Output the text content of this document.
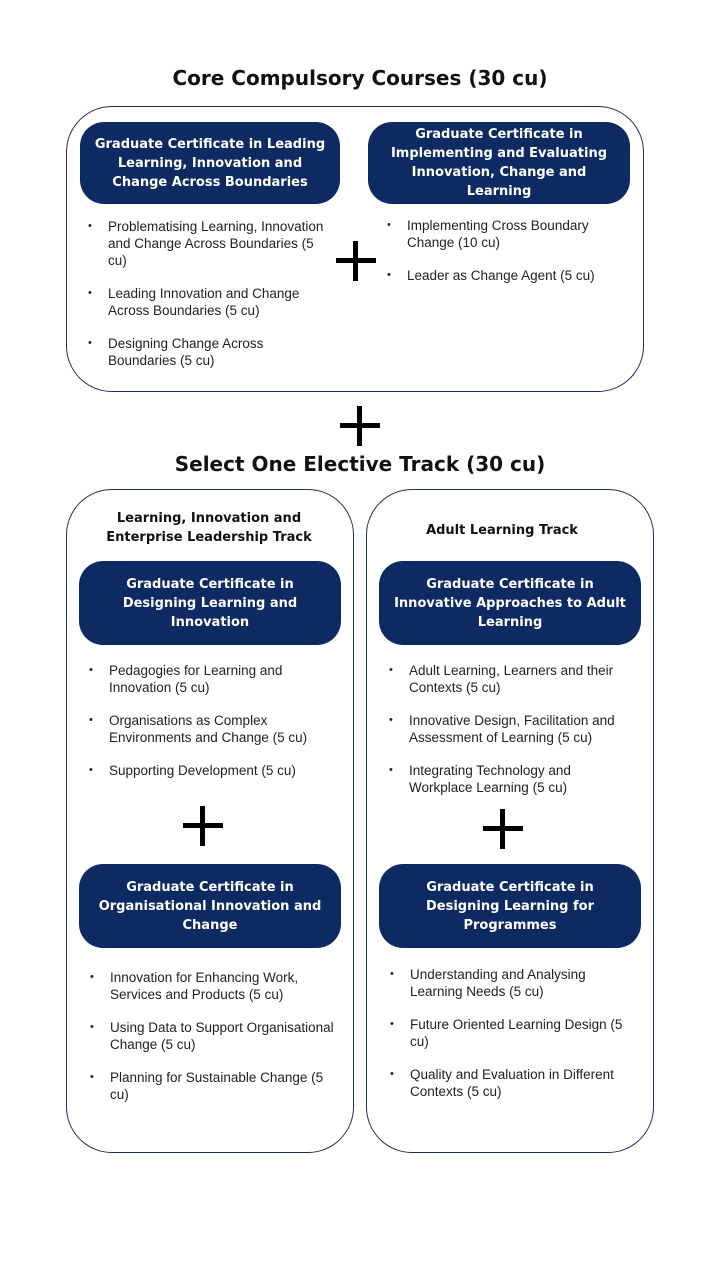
Core Compulsory Courses (30 cu)
Graduate Certificate in Leading Learning, Innovation and Change Across Boundaries
• Problematising Learning, Innovation and Change Across Boundaries (5 cu)
• Leading Innovation and Change Across Boundaries (5 cu)
• Designing Change Across Boundaries (5 cu)
Graduate Certificate in Implementing and Evaluating Innovation, Change and Learning
• Implementing Cross Boundary Change (10 cu)
• Leader as Change Agent (5 cu)
Select One Elective Track (30 cu)
Learning, Innovation and Enterprise Leadership Track
Graduate Certificate in Designing Learning and Innovation
• Pedagogies for Learning and Innovation (5 cu)
• Organisations as Complex Environments and Change (5 cu)
• Supporting Development (5 cu)
Graduate Certificate in Organisational Innovation and Change
• Innovation for Enhancing Work, Services and Products (5 cu)
• Using Data to Support Organisational Change (5 cu)
• Planning for Sustainable Change (5 cu)
Adult Learning Track
Graduate Certificate in Innovative Approaches to Adult Learning
• Adult Learning, Learners and their Contexts (5 cu)
• Innovative Design, Facilitation and Assessment of Learning (5 cu)
• Integrating Technology and Workplace Learning (5 cu)
Graduate Certificate in Designing Learning for Programmes
• Understanding and Analysing Learning Needs (5 cu)
• Future Oriented Learning Design (5 cu)
• Quality and Evaluation in Different Contexts (5 cu)
